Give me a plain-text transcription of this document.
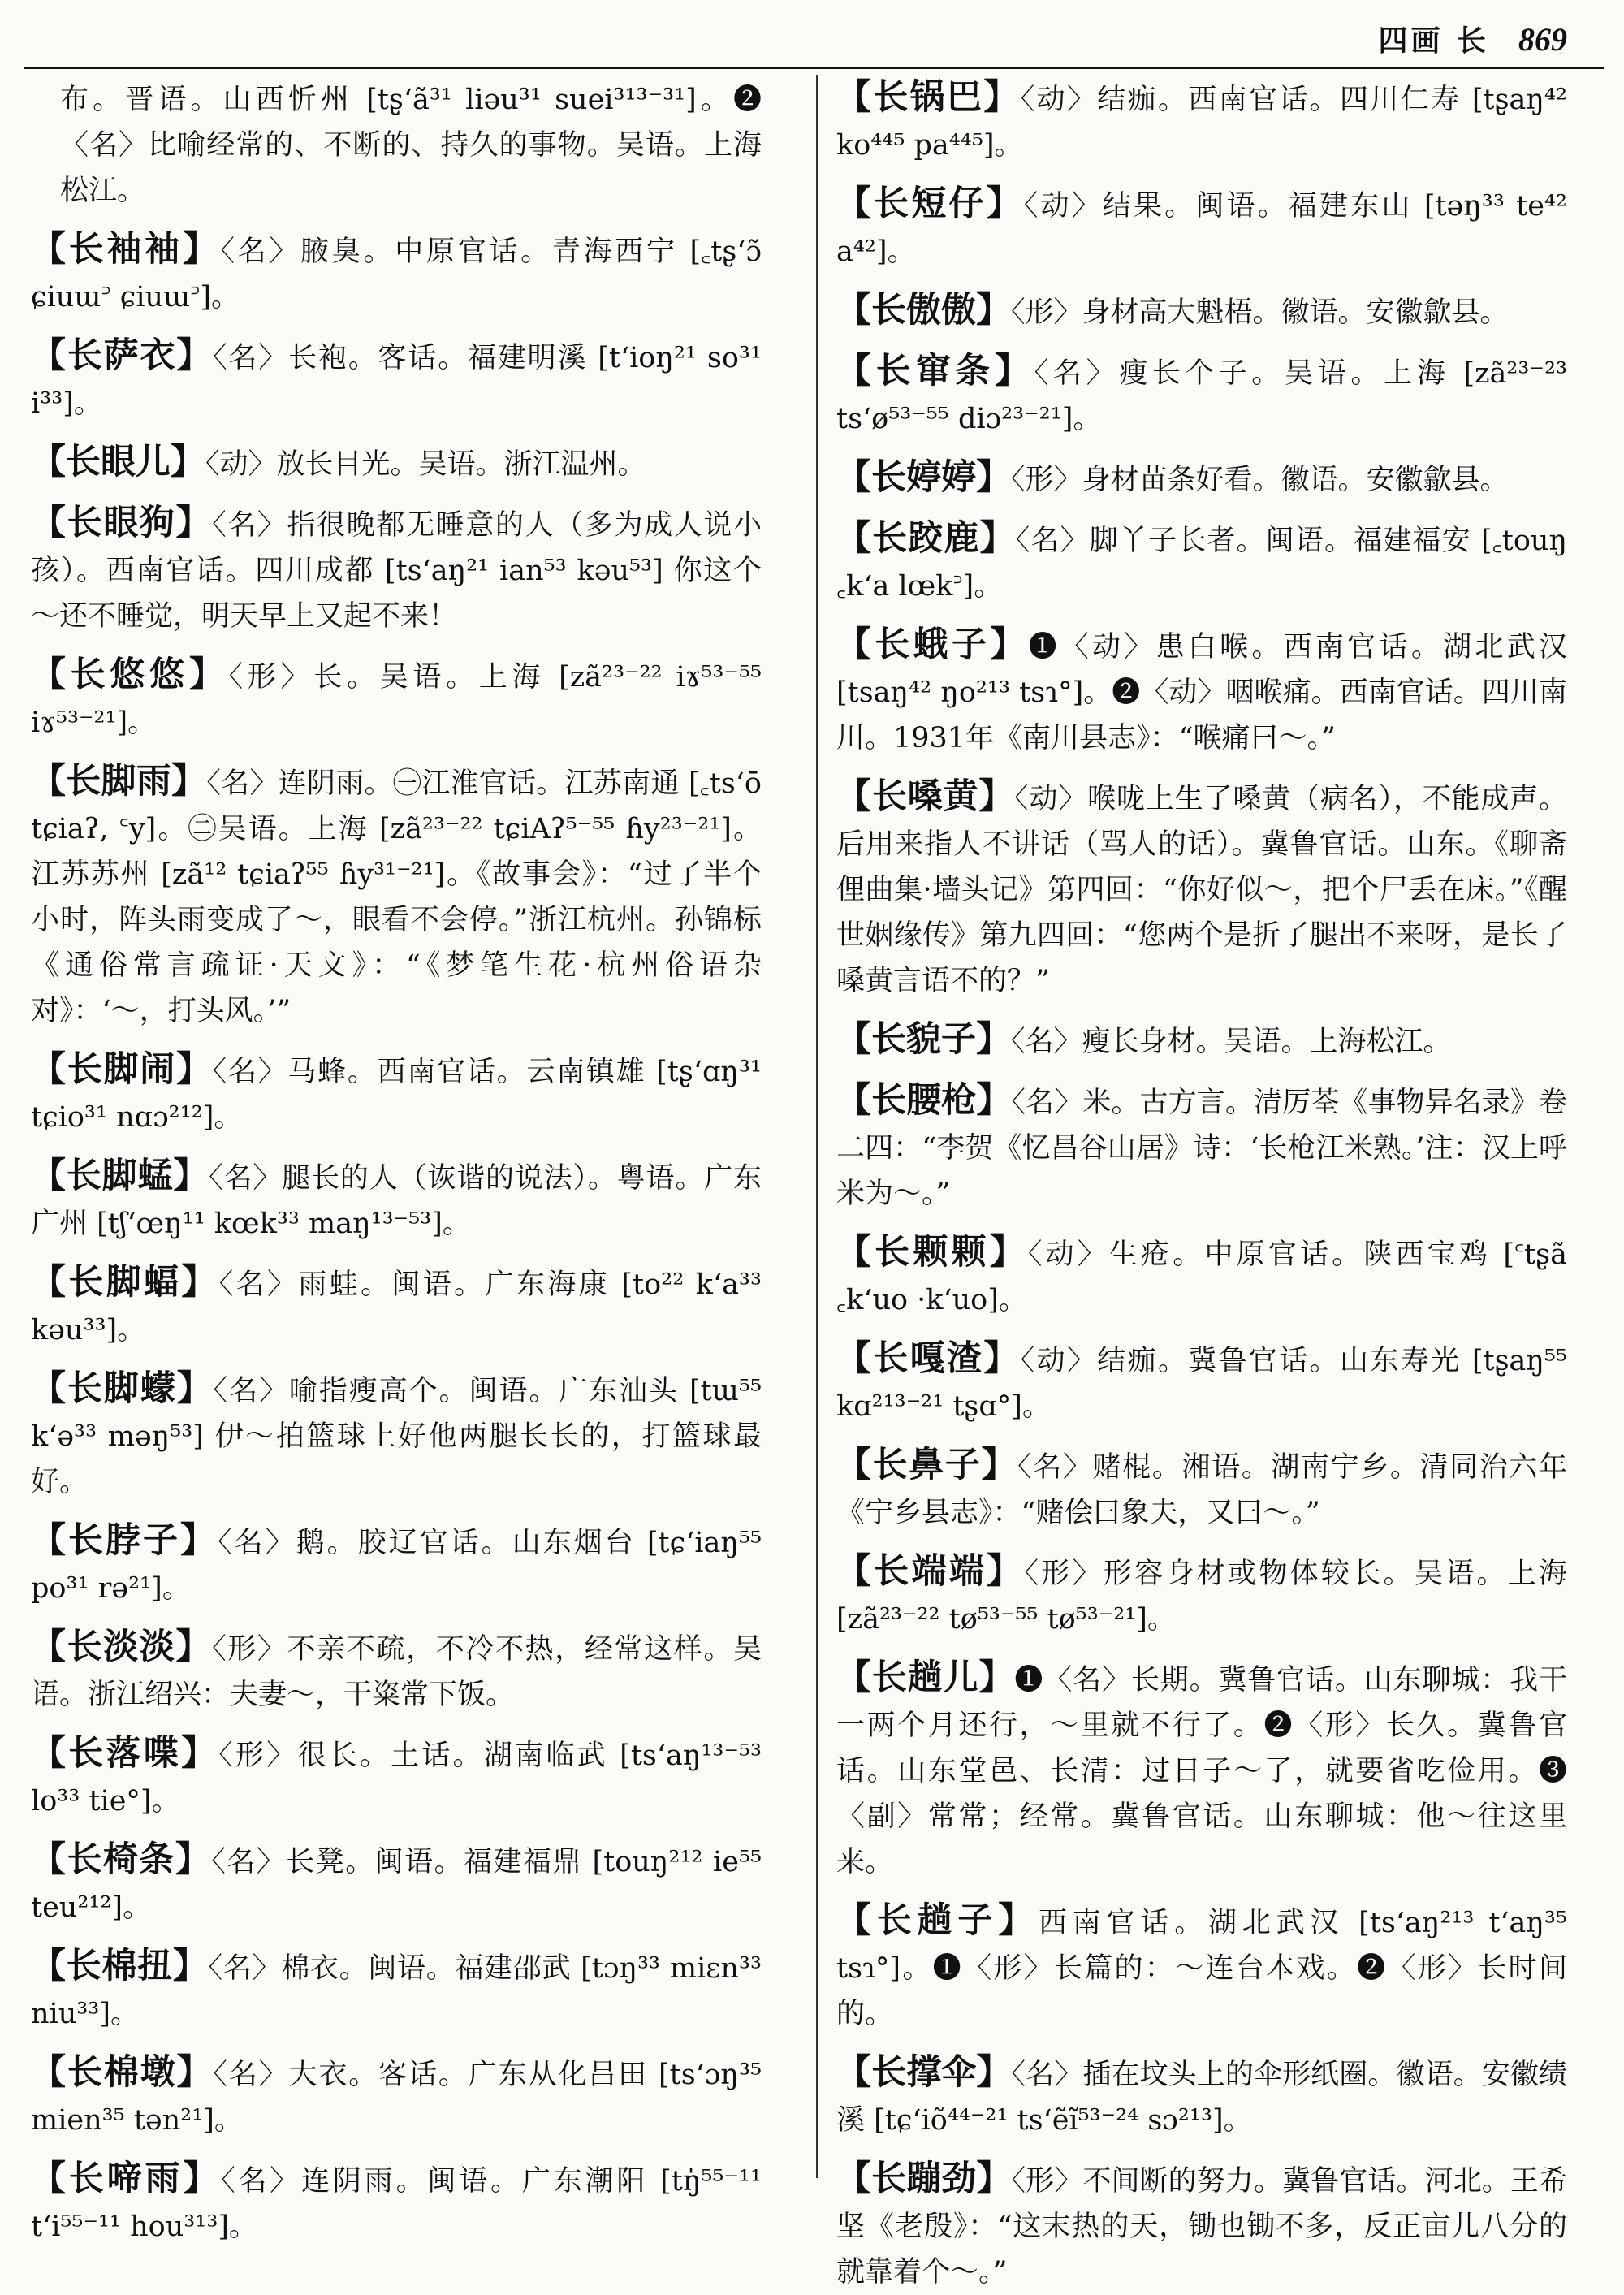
四画 长 869
布。晋语。山西忻州 [tʂʻã³¹ liəu³¹ suei³¹³⁻³¹]。❷〈名〉比喻经常的、不断的、持久的事物。吴语。上海松江。
【长袖袖】〈名〉腋臭。中原官话。青海西宁 [꜀tʂʻɔ̃ ɕiuɯ꜄ ɕiuɯ꜄]。
【长萨衣】〈名〉长袍。客话。福建明溪 [tʻioŋ²¹ so³¹ i³³]。
【长眼儿】〈动〉放长目光。吴语。浙江温州。
【长眼狗】〈名〉指很晚都无睡意的人（多为成人说小孩）。西南官话。四川成都 [tsʻaŋ²¹ ian⁵³ kəu⁵³] 你这个～还不睡觉，明天早上又起不来！
【长悠悠】〈形〉长。吴语。上海 [zã²³⁻²² iɤ⁵³⁻⁵⁵ iɤ⁵³⁻²¹]。
【长脚雨】〈名〉连阴雨。㊀江淮官话。江苏南通 [꜀tsʻō tɕiaʔ, ꜂y]。㊁吴语。上海 [zã²³⁻²² tɕiAʔ⁵⁻⁵⁵ ɦy²³⁻²¹]。江苏苏州 [zã¹² tɕiaʔ⁵⁵ ɦy³¹⁻²¹]。《故事会》：“过了半个小时，阵头雨变成了～，眼看不会停。”浙江杭州。孙锦标《通俗常言疏证·天文》：“《梦笔生花·杭州俗语杂对》：‘～，打头风。’”
【长脚闹】〈名〉马蜂。西南官话。云南镇雄 [tʂʻɑŋ³¹ tɕio³¹ nɑɔ²¹²]。
【长脚蜢】〈名〉腿长的人（诙谐的说法）。粤语。广东广州 [tʃʻœŋ¹¹ kœk³³ maŋ¹³⁻⁵³]。
【长脚蝠】〈名〉雨蛙。闽语。广东海康 [to²² kʻa³³ kəu³³]。
【长脚蠓】〈名〉喻指瘦高个。闽语。广东汕头 [tɯ⁵⁵ kʻə³³ məŋ⁵³] 伊～拍篮球上好他两腿长长的，打篮球最好。
【长脖子】〈名〉鹅。胶辽官话。山东烟台 [tɕʻiaŋ⁵⁵ po³¹ rə²¹]。
【长淡淡】〈形〉不亲不疏，不冷不热，经常这样。吴语。浙江绍兴：夫妻～，干粢常下饭。
【长落喋】〈形〉很长。土话。湖南临武 [tsʻaŋ¹³⁻⁵³ lo³³ tie°]。
【长椅条】〈名〉长凳。闽语。福建福鼎 [touŋ²¹² ie⁵⁵ teu²¹²]。
【长棉扭】〈名〉棉衣。闽语。福建邵武 [tɔŋ³³ miɛn³³ niu³³]。
【长棉墩】〈名〉大衣。客话。广东从化吕田 [tsʻɔŋ³⁵ mien³⁵ tən²¹]。
【长啼雨】〈名〉连阴雨。闽语。广东潮阳 [tŋ̍⁵⁵⁻¹¹ tʻi⁵⁵⁻¹¹ hou³¹³]。
【长锅巴】〈动〉结痂。西南官话。四川仁寿 [tʂaŋ⁴² ko⁴⁴⁵ pa⁴⁴⁵]。
【长短仔】〈动〉结果。闽语。福建东山 [təŋ³³ te⁴² a⁴²]。
【长傲傲】〈形〉身材高大魁梧。徽语。安徽歙县。
【长窜条】〈名〉瘦长个子。吴语。上海 [zã²³⁻²³ tsʻø⁵³⁻⁵⁵ diɔ²³⁻²¹]。
【长婷婷】〈形〉身材苗条好看。徽语。安徽歙县。
【长跤鹿】〈名〉脚丫子长者。闽语。福建福安 [꜀touŋ ꜀kʻa lœk꜄]。
【长蛾子】❶〈动〉患白喉。西南官话。湖北武汉 [tsaŋ⁴² ŋo²¹³ tsɿ°]。❷〈动〉咽喉痛。西南官话。四川南川。1931年《南川县志》：“喉痛曰～。”
【长嗓黄】〈动〉喉咙上生了嗓黄（病名），不能成声。后用来指人不讲话（骂人的话）。冀鲁官话。山东。《聊斋俚曲集·墙头记》第四回：“你好似～，把个尸丢在床。”《醒世姻缘传》第九四回：“您两个是折了腿出不来呀，是长了嗓黄言语不的？”
【长貌子】〈名〉瘦长身材。吴语。上海松江。
【长腰枪】〈名〉米。古方言。清厉荃《事物异名录》卷二四：“李贺《忆昌谷山居》诗：‘长枪江米熟。’注：汉上呼米为～。”
【长颗颗】〈动〉生疮。中原官话。陕西宝鸡 [꜂tʂã ꜀kʻuo ·kʻuo]。
【长嘎渣】〈动〉结痂。冀鲁官话。山东寿光 [tʂaŋ⁵⁵ kɑ²¹³⁻²¹ tʂɑ°]。
【长鼻子】〈名〉赌棍。湘语。湖南宁乡。清同治六年《宁乡县志》：“赌侩曰象夫，又曰～。”
【长端端】〈形〉形容身材或物体较长。吴语。上海 [zã²³⁻²² tø⁵³⁻⁵⁵ tø⁵³⁻²¹]。
【长趟儿】❶〈名〉长期。冀鲁官话。山东聊城：我干一两个月还行，～里就不行了。❷〈形〉长久。冀鲁官话。山东堂邑、长清：过日子～了，就要省吃俭用。❸〈副〉常常；经常。冀鲁官话。山东聊城：他～往这里来。
【长趟子】西南官话。湖北武汉 [tsʻaŋ²¹³ tʻaŋ³⁵ tsɿ°]。❶〈形〉长篇的：～连台本戏。❷〈形〉长时间的。
【长撑伞】〈名〉插在坟头上的伞形纸圈。徽语。安徽绩溪 [tɕʻiõ⁴⁴⁻²¹ tsʻẽĩ⁵³⁻²⁴ sɔ²¹³]。
【长蹦劲】〈形〉不间断的努力。冀鲁官话。河北。王希坚《老殷》：“这末热的天，锄也锄不多，反正亩儿八分的就靠着个～。”
